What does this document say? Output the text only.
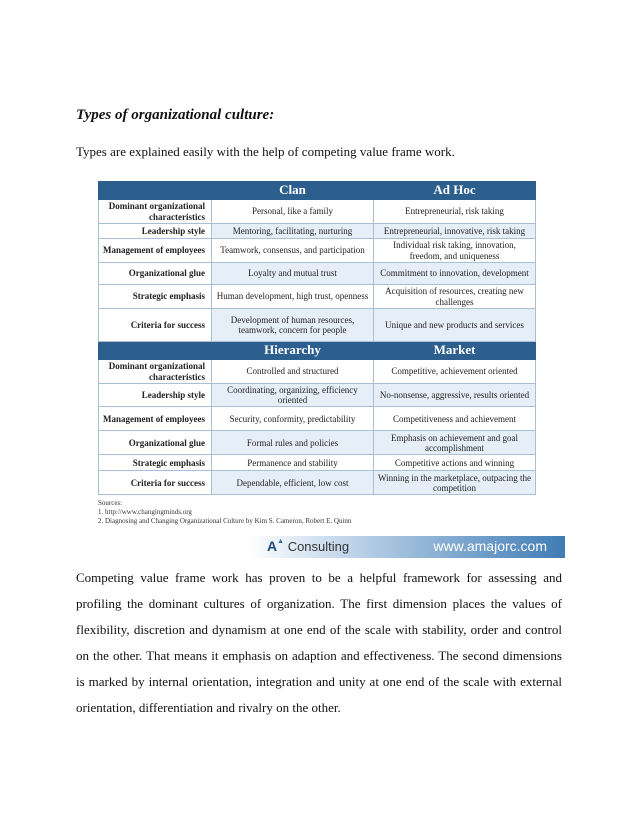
Types of organizational culture:
Types are explained easily with the help of competing value frame work.
	Clan	Ad Hoc
Dominant organizational characteristics	Personal, like a family	Entrepreneurial, risk taking
Leadership style	Mentoring, facilitating, nurturing	Entrepreneurial, innovative, risk taking
Management of employees	Teamwork, consensus, and participation	Individual risk taking, innovation, freedom, and uniqueness
Organizational glue	Loyalty and mutual trust	Commitment to innovation, development
Strategic emphasis	Human development, high trust, openness	Acquisition of resources, creating new challenges
Criteria for success	Development of human resources, teamwork, concern for people	Unique and new products and services
	Hierarchy	Market
Dominant organizational characteristics	Controlled and structured	Competitive, achievement oriented
Leadership style	Coordinating, organizing, efficiency oriented	No-nonsense, aggressive, results oriented
Management of employees	Security, conformity, predictability	Competitiveness and achievement
Organizational glue	Formal rules and policies	Emphasis on achievement and goal accomplishment
Strategic emphasis	Permanence and stability	Competitive actions and winning
Criteria for success	Dependable, efficient, low cost	Winning in the marketplace, outpacing the competition
Sources:
1. http://www.changingminds.org
2. Diagnosing and Changing Organizational Culture by Kim S. Cameron, Robert E. Quinn
A▲ Consulting	www.amajorc.com
Competing value frame work has proven to be a helpful framework for assessing and profiling the dominant cultures of organization. The first dimension places the values of flexibility, discretion and dynamism at one end of the scale with stability, order and control on the other. That means it emphasis on adaption and effectiveness. The second dimensions is marked by internal orientation, integration and unity at one end of the scale with external orientation, differentiation and rivalry on the other.
